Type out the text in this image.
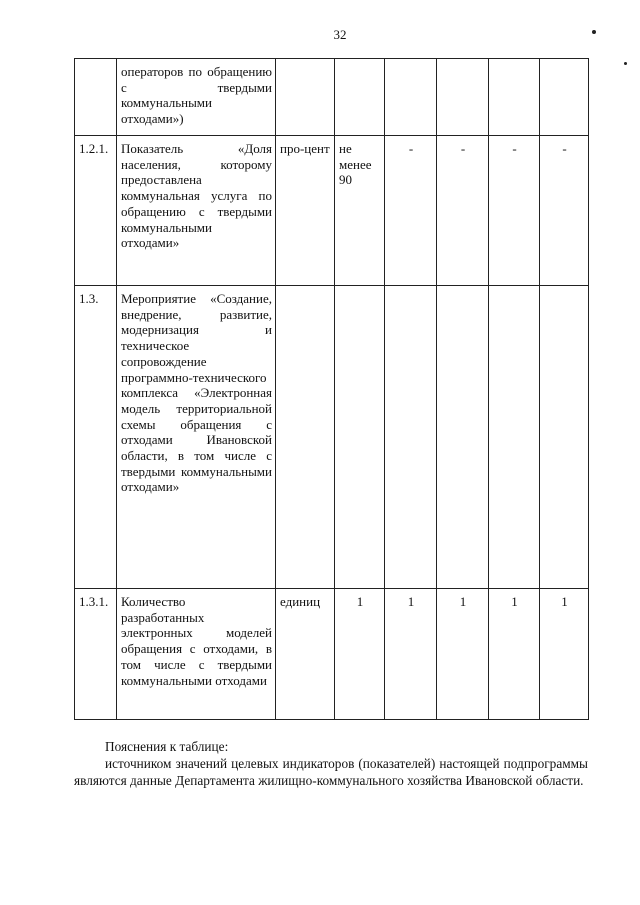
32
	операторов по обращению с твердыми коммунальными отходами»)						
1.2.1.	Показатель «Доля населения, которому предоставлена коммунальная услуга по обращению с твердыми коммунальными отходами»	про-цент	не менее 90	-	-	-	-
1.3.	Мероприятие «Создание, внедрение, развитие, модернизация и техническое сопровождение программно-технического комплекса «Электронная модель территориальной схемы обращения с отходами Ивановской области, в том числе с твердыми коммунальными отходами»						
1.3.1.	Количество разработанных электронных моделей обращения с отходами, в том числе с твердыми коммунальными отходами	единиц	1	1	1	1	1
Пояснения к таблице:
источником значений целевых индикаторов (показателей) настоящей подпрограммы являются данные Департамента жилищно-коммунального хозяйства Ивановской области.
